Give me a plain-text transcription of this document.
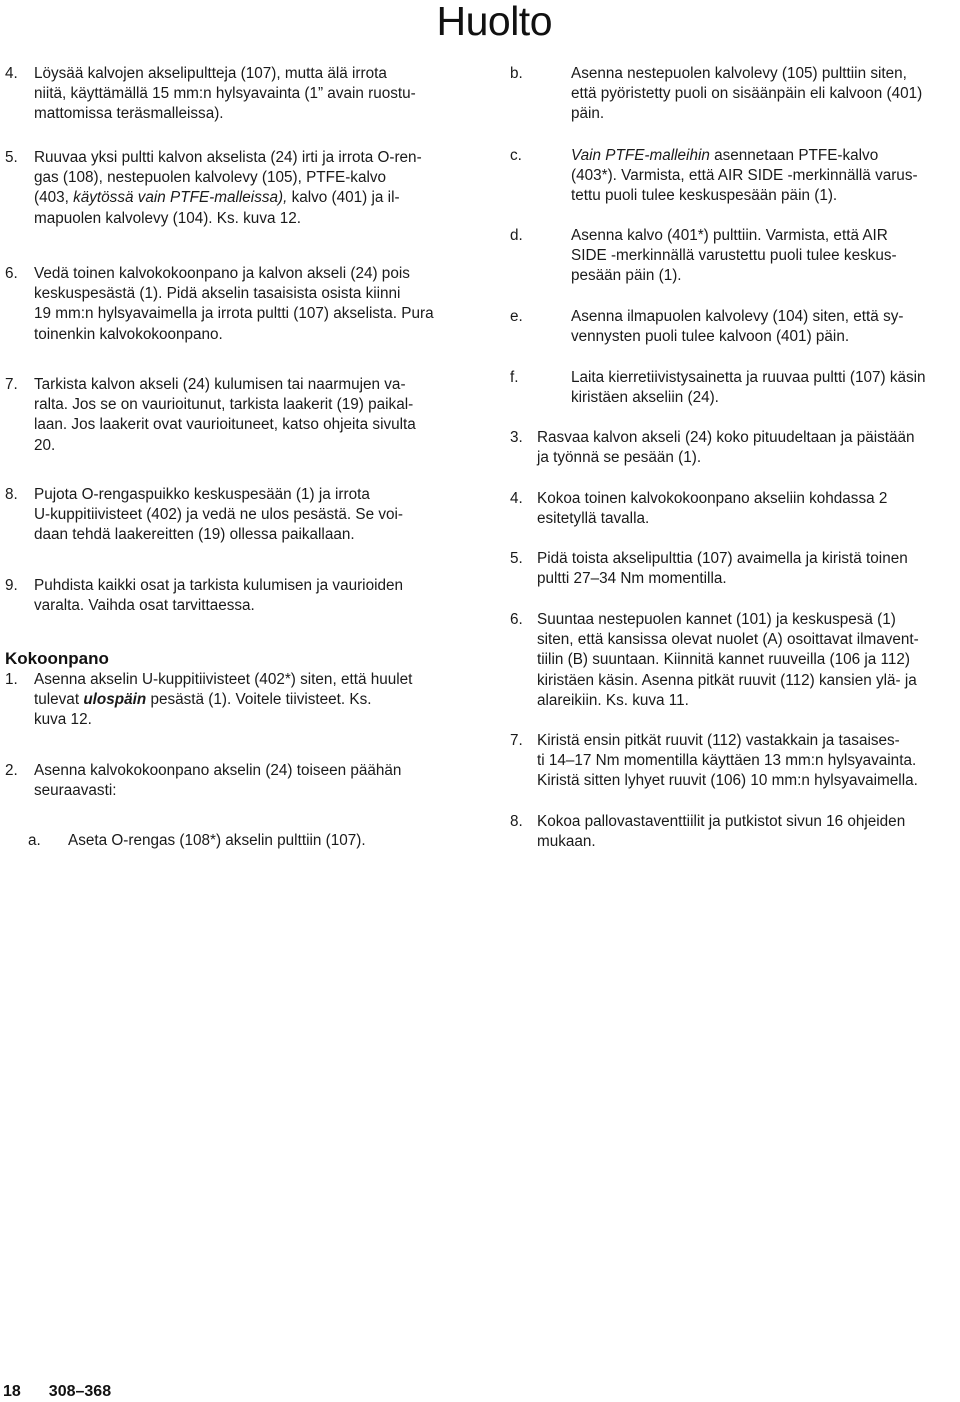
Huolto
4. Löysää kalvojen akselipultteja (107), mutta älä irrota
niitä, käyttämällä 15 mm:n hylsyavainta (1” avain ruostu-
mattomissa teräsmalleissa).
5. Ruuvaa yksi pultti kalvon akselista (24) irti ja irrota O-ren-
gas (108), nestepuolen kalvolevy (105), PTFE-kalvo
(403, käytössä vain PTFE-malleissa), kalvo (401) ja il-
mapuolen kalvolevy (104). Ks. kuva 12.
6. Vedä toinen kalvokokoonpano ja kalvon akseli (24) pois
keskuspesästä (1). Pidä akselin tasaisista osista kiinni
19 mm:n hylsyavaimella ja irrota pultti (107) akselista. Pura
toinenkin kalvokokoonpano.
7. Tarkista kalvon akseli (24) kulumisen tai naarmujen va-
ralta. Jos se on vaurioitunut, tarkista laakerit (19) paikal-
laan. Jos laakerit ovat vaurioituneet, katso ohjeita sivulta
20.
8. Pujota O-rengaspuikko keskuspesään (1) ja irrota
U-kuppitiivisteet (402) ja vedä ne ulos pesästä. Se voi-
daan tehdä laakereitten (19) ollessa paikallaan.
9. Puhdista kaikki osat ja tarkista kulumisen ja vaurioiden
varalta. Vaihda osat tarvittaessa.
Kokoonpano
1. Asenna akselin U-kuppitiivisteet (402*) siten, että huulet
tulevat ulospäin pesästä (1). Voitele tiivisteet. Ks.
kuva 12.
2. Asenna kalvokokoonpano akselin (24) toiseen päähän
seuraavasti:
a. Aseta O-rengas (108*) akselin pulttiin (107).
b.	Asenna nestepuolen kalvolevy (105) pulttiin siten,
että pyöristetty puoli on sisäänpäin eli kalvoon (401)
päin.
c.	Vain PTFE-malleihin asennetaan PTFE-kalvo
(403*). Varmista, että AIR SIDE -merkinnällä varus-
tettu puoli tulee keskuspesään päin (1).
d.	Asenna kalvo (401*) pulttiin. Varmista, että AIR
SIDE -merkinnällä varustettu puoli tulee keskus-
pesään päin (1).
e.	Asenna ilmapuolen kalvolevy (104) siten, että sy-
vennysten puoli tulee kalvoon (401) päin.
f.	Laita kierretiivistysainetta ja ruuvaa pultti (107) käsin
kiristäen akseliin (24).
3. Rasvaa kalvon akseli (24) koko pituudeltaan ja päistään
ja työnnä se pesään (1).
4. Kokoa toinen kalvokokoonpano akseliin kohdassa 2
esitetyllä tavalla.
5. Pidä toista akselipulttia (107) avaimella ja kiristä toinen
pultti 27–34 Nm momentilla.
6. Suuntaa nestepuolen kannet (101) ja keskuspesä (1)
siten, että kansissa olevat nuolet (A) osoittavat ilmavent-
tiilin (B) suuntaan. Kiinnitä kannet ruuveilla (106 ja 112)
kiristäen käsin. Asenna pitkät ruuvit (112) kansien ylä- ja
alareikiin. Ks. kuva 11.
7. Kiristä ensin pitkät ruuvit (112) vastakkain ja tasaises-
ti 14–17 Nm momentilla käyttäen 13 mm:n hylsyavainta.
Kiristä sitten lyhyet ruuvit (106) 10 mm:n hylsyavaimella.
8. Kokoa pallovastaventtiilit ja putkistot sivun 16 ohjeiden
mukaan.
18 308–368
